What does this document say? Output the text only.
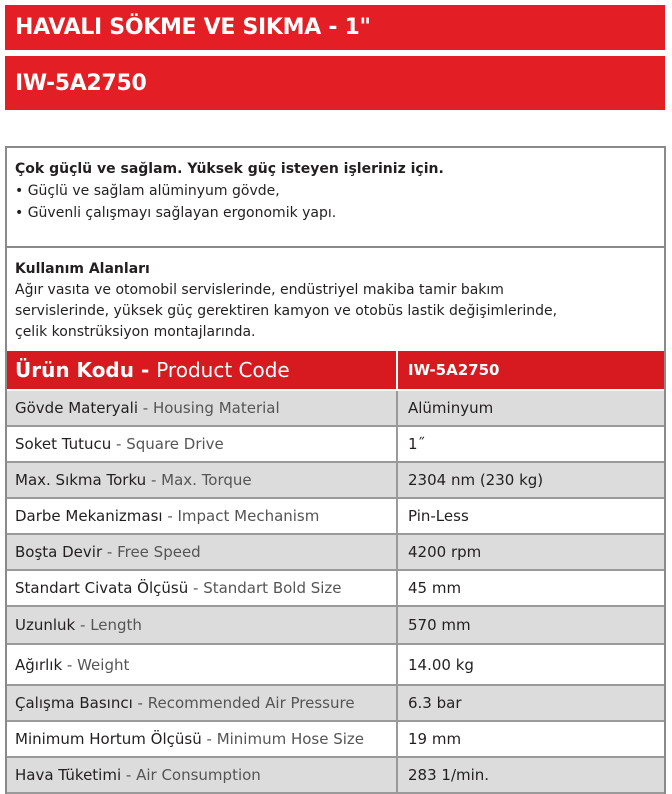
HAVALI SÖKME VE SIKMA - 1"
IW-5A2750
Çok güçlü ve sağlam. Yüksek güç isteyen işleriniz için.
• Güçlü ve sağlam alüminyum gövde,
• Güvenli çalışmayı sağlayan ergonomik yapı.
Kullanım Alanları
Ağır vasıta ve otomobil servislerinde, endüstriyel makiba tamir bakım
servislerinde, yüksek güç gerektiren kamyon ve otobüs lastik değişimlerinde,
çelik konstrüksiyon montajlarında.
Ürün Kodu - Product Code	IW-5A2750
Gövde Materyali - Housing Material	Alüminyum
Soket Tutucu - Square Drive	1˝
Max. Sıkma Torku - Max. Torque	2304 nm (230 kg)
Darbe Mekanizması - Impact Mechanism	Pin-Less
Boşta Devir - Free Speed	4200 rpm
Standart Civata Ölçüsü - Standart Bold Size	45 mm
Uzunluk - Length	570 mm
Ağırlık - Weight	14.00 kg
Çalışma Basıncı - Recommended Air Pressure	6.3 bar
Minimum Hortum Ölçüsü - Minimum Hose Size	19 mm
Hava Tüketimi - Air Consumption	283 1/min.
